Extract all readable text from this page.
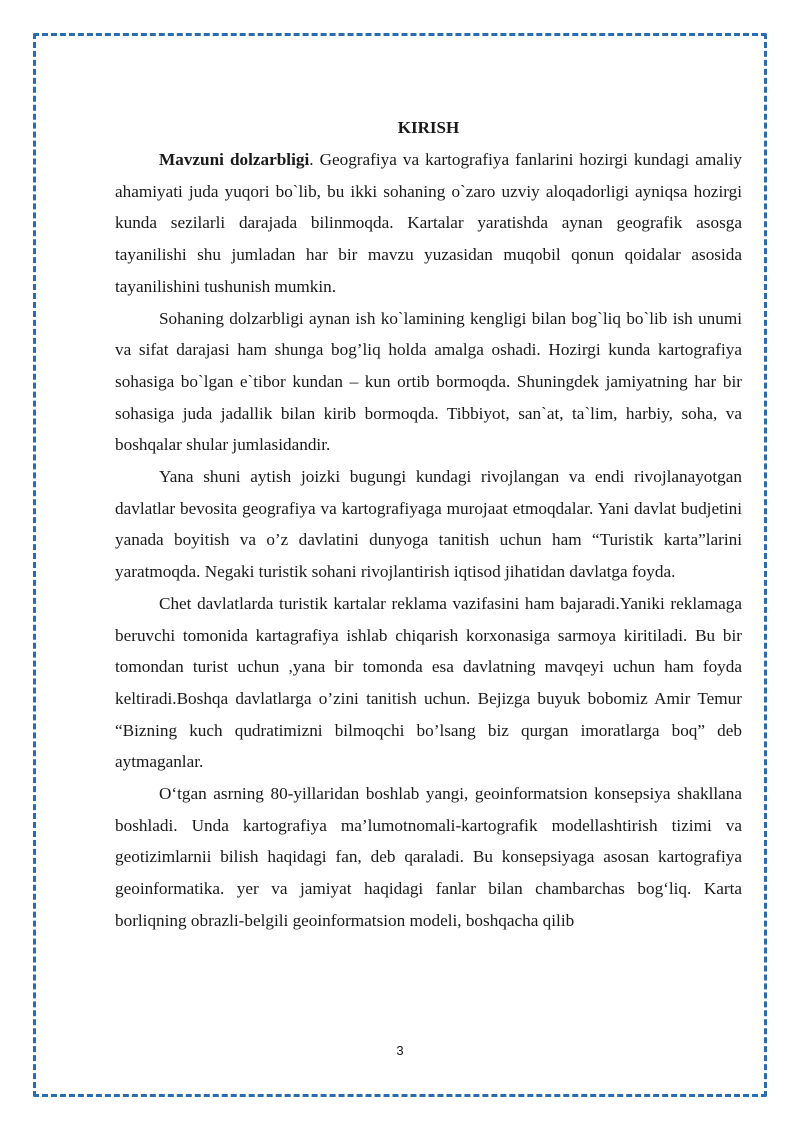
KIRISH

Mavzuni dolzarbligi. Geografiya va kartografiya fanlarini hozirgi kundagi amaliy ahamiyati juda yuqori bo`lib, bu ikki sohaning o`zaro uzviy aloqadorligi ayniqsa hozirgi kunda sezilarli darajada bilinmoqda. Kartalar yaratishda aynan geografik asosga tayanilishi shu jumladan har bir mavzu yuzasidan muqobil qonun qoidalar asosida tayanilishini tushunish mumkin.

Sohaning dolzarbligi aynan ish ko`lamining kengligi bilan bog`liq bo`lib ish unumi va sifat darajasi ham shunga bog’liq holda amalga oshadi. Hozirgi kunda kartografiya sohasiga bo`lgan e`tibor kundan – kun ortib bormoqda. Shuningdek jamiyatning har bir sohasiga juda jadallik bilan kirib bormoqda. Tibbiyot, san`at, ta`lim, harbiy, soha, va boshqalar shular jumlasidandir.

Yana shuni aytish joizki bugungi kundagi rivojlangan va endi rivojlanayotgan davlatlar bevosita geografiya va kartografiyaga murojaat etmoqdalar. Yani davlat budjetini yanada boyitish va o’z davlatini dunyoga tanitish uchun ham “Turistik karta”larini yaratmoqda. Negaki turistik sohani rivojlantirish iqtisod jihatidan davlatga foyda.

Chet davlatlarda turistik kartalar reklama vazifasini ham bajaradi.Yaniki reklamaga beruvchi tomonida kartagrafiya ishlab chiqarish korxonasiga sarmoya kiritiladi. Bu bir tomondan turist uchun ,yana bir tomonda esa davlatning mavqeyi uchun ham foyda keltiradi.Boshqa davlatlarga o’zini tanitish uchun. Bejizga buyuk bobomiz Amir Temur “Bizning kuch qudratimizni bilmoqchi bo’lsang biz qurgan imoratlarga boq” deb aytmaganlar.

O‘tgan asrning 80-yillaridan boshlab yangi, geoinformatsion konsepsiya shakllana boshladi. Unda kartografiya ma’lumotnomali-kartografik modellashtirish tizimi va geotizimlarnii bilish haqidagi fan, deb qaraladi. Bu konsepsiyaga asosan kartografiya geoinformatika. yer va jamiyat haqidagi fanlar bilan chambarchas bog‘liq. Karta borliqning obrazli-belgili geoinformatsion modeli, boshqacha qilib

3
